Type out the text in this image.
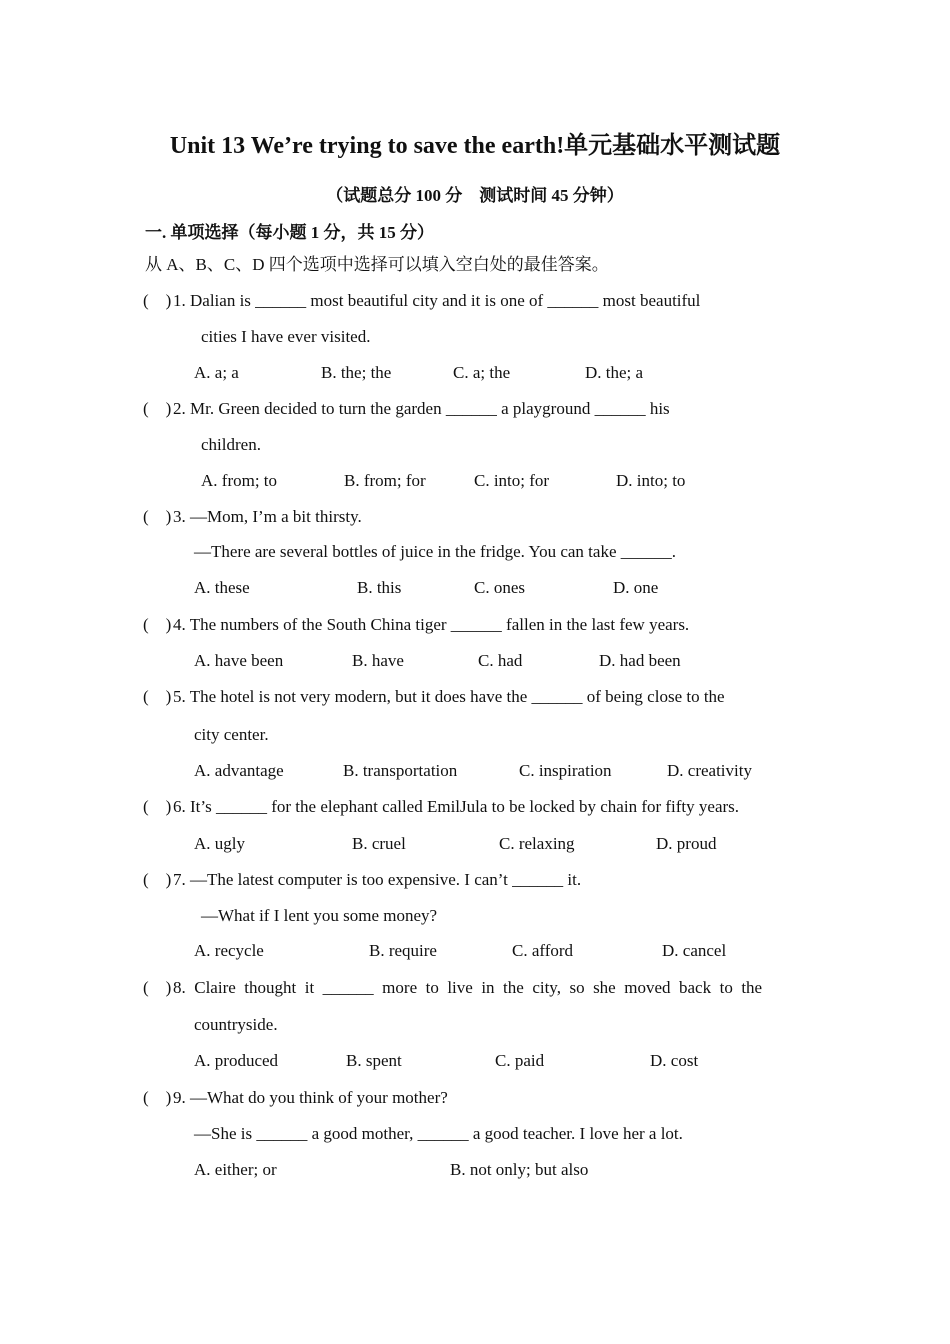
Unit 13 We’re trying to save the earth!单元基础水平测试题
（试题总分 100 分　测试时间 45 分钟）
一. 单项选择（每小题 1 分，共 15 分）
从 A、B、C、D 四个选项中选择可以填入空白处的最佳答案。
(　) 1. Dalian is ______ most beautiful city and it is one of ______ most beautiful
cities I have ever visited.
A. a; a	B. the; the	C. a; the	D. the; a
(　) 2. Mr. Green decided to turn the garden ______ a playground ______ his
children.
A. from; to	B. from; for	C. into; for	D. into; to
(　) 3. —Mom, I’m a bit thirsty.
—There are several bottles of juice in the fridge. You can take ______.
A. these	B. this	C. ones	D. one
(　) 4. The numbers of the South China tiger ______ fallen in the last few years.
A. have been	B. have	C. had	D. had been
(　) 5. The hotel is not very modern, but it does have the ______ of being close to the
city center.
A. advantage	B. transportation	C. inspiration	D. creativity
(　) 6. It’s ______ for the elephant called EmilJula to be locked by chain for fifty years.
A. ugly	B. cruel	C. relaxing	D. proud
(　) 7. —The latest computer is too expensive. I can’t ______ it.
—What if I lent you some money?
A. recycle	B. require	C. afford	D. cancel
(　) 8.  Claire  thought  it  ______  more  to  live  in  the  city,  so  she  moved  back  to  the
countryside.
A. produced	B. spent	C. paid	D. cost
(　) 9. —What do you think of your mother?
—She is ______ a good mother, ______ a good teacher. I love her a lot.
A. either; or	B. not only; but also
